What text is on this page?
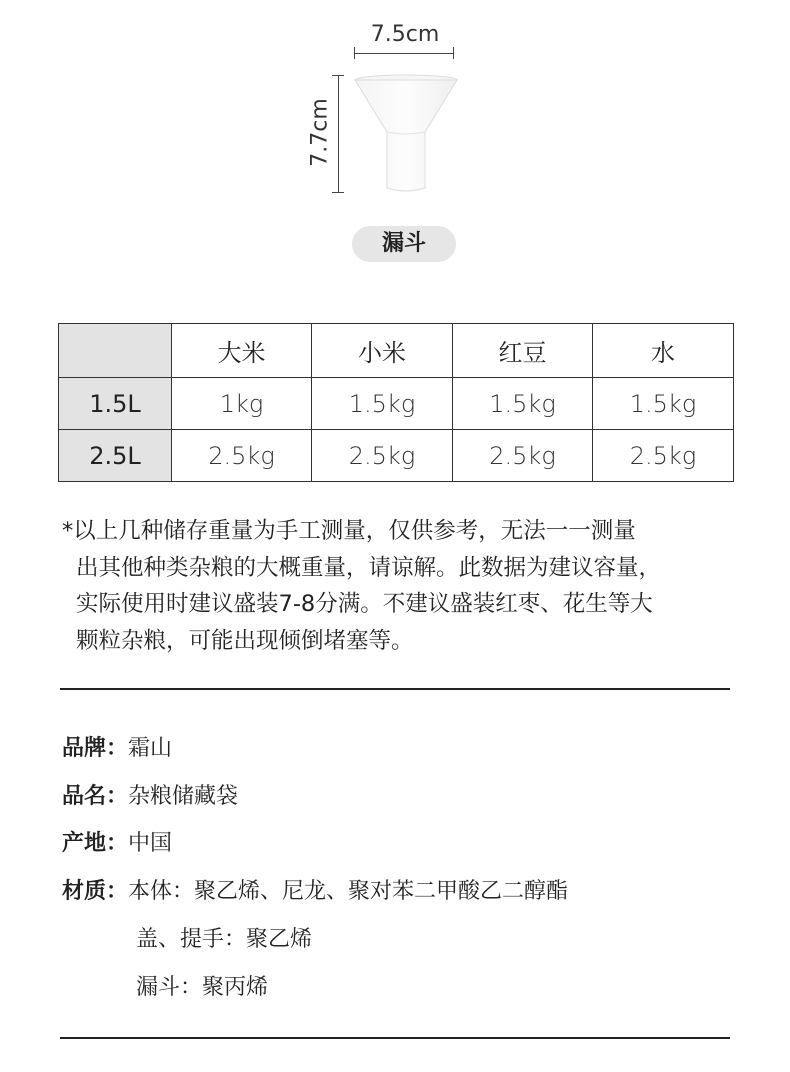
7.5cm
7.7cm
漏斗
	大米	小米	红豆	水
1.5L	1kg	1.5kg	1.5kg	1.5kg
2.5L	2.5kg	2.5kg	2.5kg	2.5kg
*以上几种储存重量为手工测量，仅供参考，无法一一测量
出其他种类杂粮的大概重量，请谅解。此数据为建议容量，
实际使用时建议盛装7-8分满。不建议盛装红枣、花生等大
颗粒杂粮，可能出现倾倒堵塞等。
品牌：霜山
品名：杂粮储藏袋
产地：中国
材质：本体：聚乙烯、尼龙、聚对苯二甲酸乙二醇酯
盖、提手：聚乙烯
漏斗：聚丙烯
